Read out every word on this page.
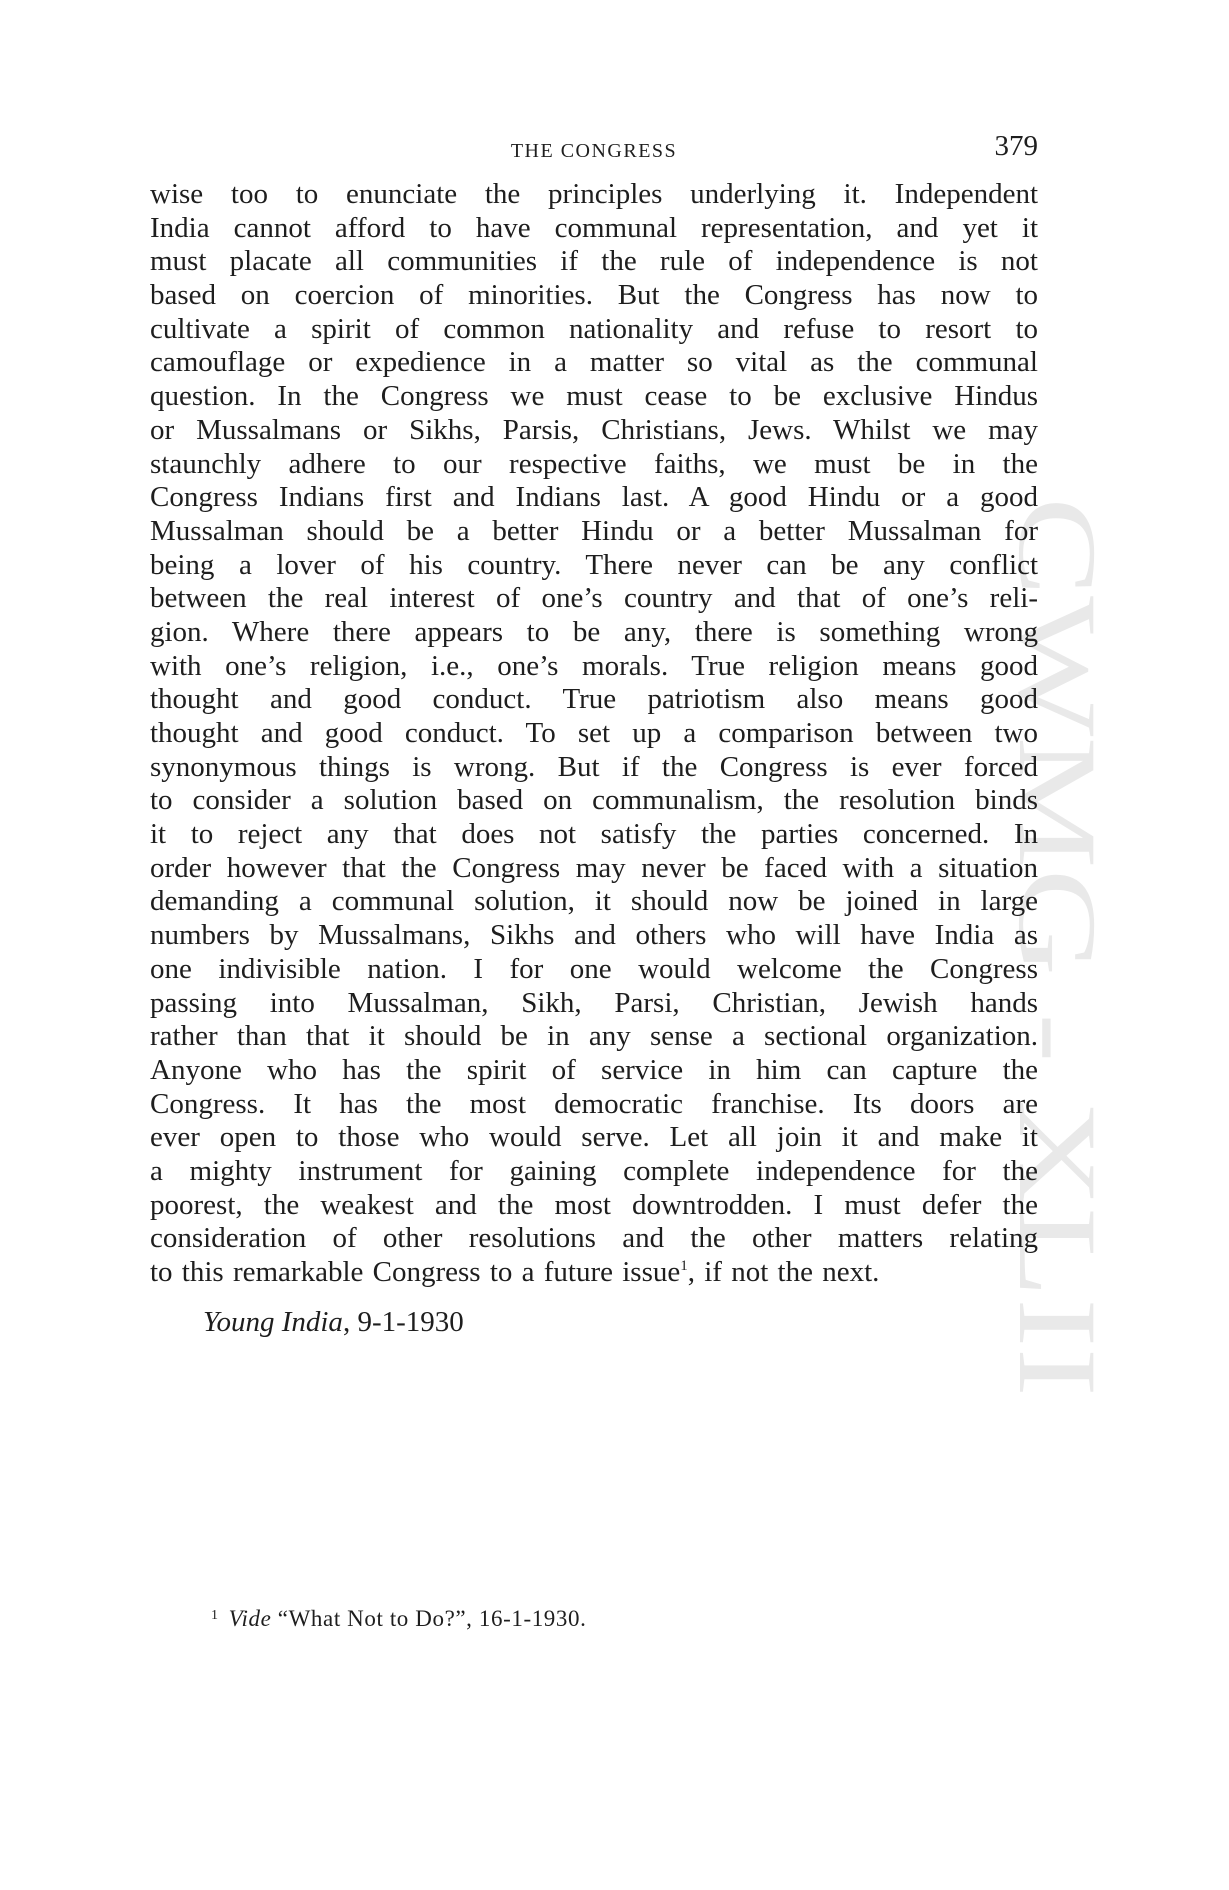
CWMG - XLII
THE CONGRESS	379
wise too to enunciate the principles underlying it. Independent
India cannot afford to have communal representation, and yet it
must placate all communities if the rule of independence is not
based on coercion of minorities. But the Congress has now to
cultivate a spirit of common nationality and refuse to resort to
camouflage or expedience in a matter so vital as the communal
question. In the Congress we must cease to be exclusive Hindus
or Mussalmans or Sikhs, Parsis, Christians, Jews. Whilst we may
staunchly adhere to our respective faiths, we must be in the
Congress Indians first and Indians last. A good Hindu or a good
Mussalman should be a better Hindu or a better Mussalman for
being a lover of his country. There never can be any conflict
between the real interest of one’s country and that of one’s reli-
gion. Where there appears to be any, there is something wrong
with one’s religion, i.e., one’s morals. True religion means good
thought and good conduct. True patriotism also means good
thought and good conduct. To set up a comparison between two
synonymous things is wrong. But if the Congress is ever forced
to consider a solution based on communalism, the resolution binds
it to reject any that does not satisfy the parties concerned. In
order however that the Congress may never be faced with a situation
demanding a communal solution, it should now be joined in large
numbers by Mussalmans, Sikhs and others who will have India as
one indivisible nation. I for one would welcome the Congress
passing into Mussalman, Sikh, Parsi, Christian, Jewish hands
rather than that it should be in any sense a sectional organization.
Anyone who has the spirit of service in him can capture the
Congress. It has the most democratic franchise. Its doors are
ever open to those who would serve. Let all join it and make it
a mighty instrument for gaining complete independence for the
poorest, the weakest and the most downtrodden. I must defer the
consideration of other resolutions and the other matters relating
to this remarkable Congress to a future issue$^1$, if not the next.
Young India, 9-1-1930
$^1$ Vide “What Not to Do?”, 16-1-1930.
